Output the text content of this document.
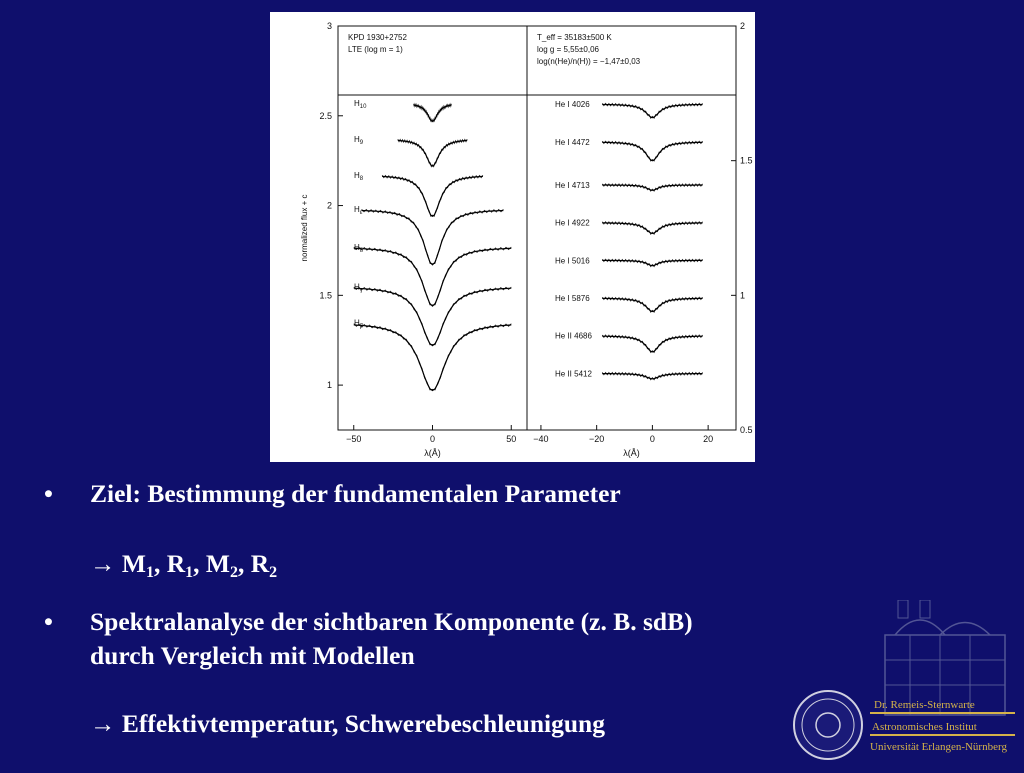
KPD 1930+2752
LTE (log m = 1)
−50	0	50
λ(Å)
3
2.5
2
1.5
1
$H_{10}$
$H_9$
$H_8$
$H_\varepsilon$
$H_\delta$
$H_\gamma$
$H_\beta$
T_eff = 35183±500 K
log g = 5,55±0,06
log(n(He)/n(H)) = −1,47±0,03
−40	−20	0	20
λ(Å)
2
1.5
1
0.5
He I 4026
He I 4472
He I 4713
He I 4922
He I 5016
He I 5876
He II 4686
He II 5412
normalized flux + c
• Ziel: Bestimmung der fundamentalen Parameter
→ $M_1$, $R_1$, $M_2$, $R_2$
• Spektralanalyse der sichtbaren Komponente (z. B. sdB)
durch Vergleich mit Modellen
→ Effektivtemperatur, Schwerebeschleunigung
Dr. Remeis-Sternwarte
Astronomisches Institut
Universität Erlangen-Nürnberg
